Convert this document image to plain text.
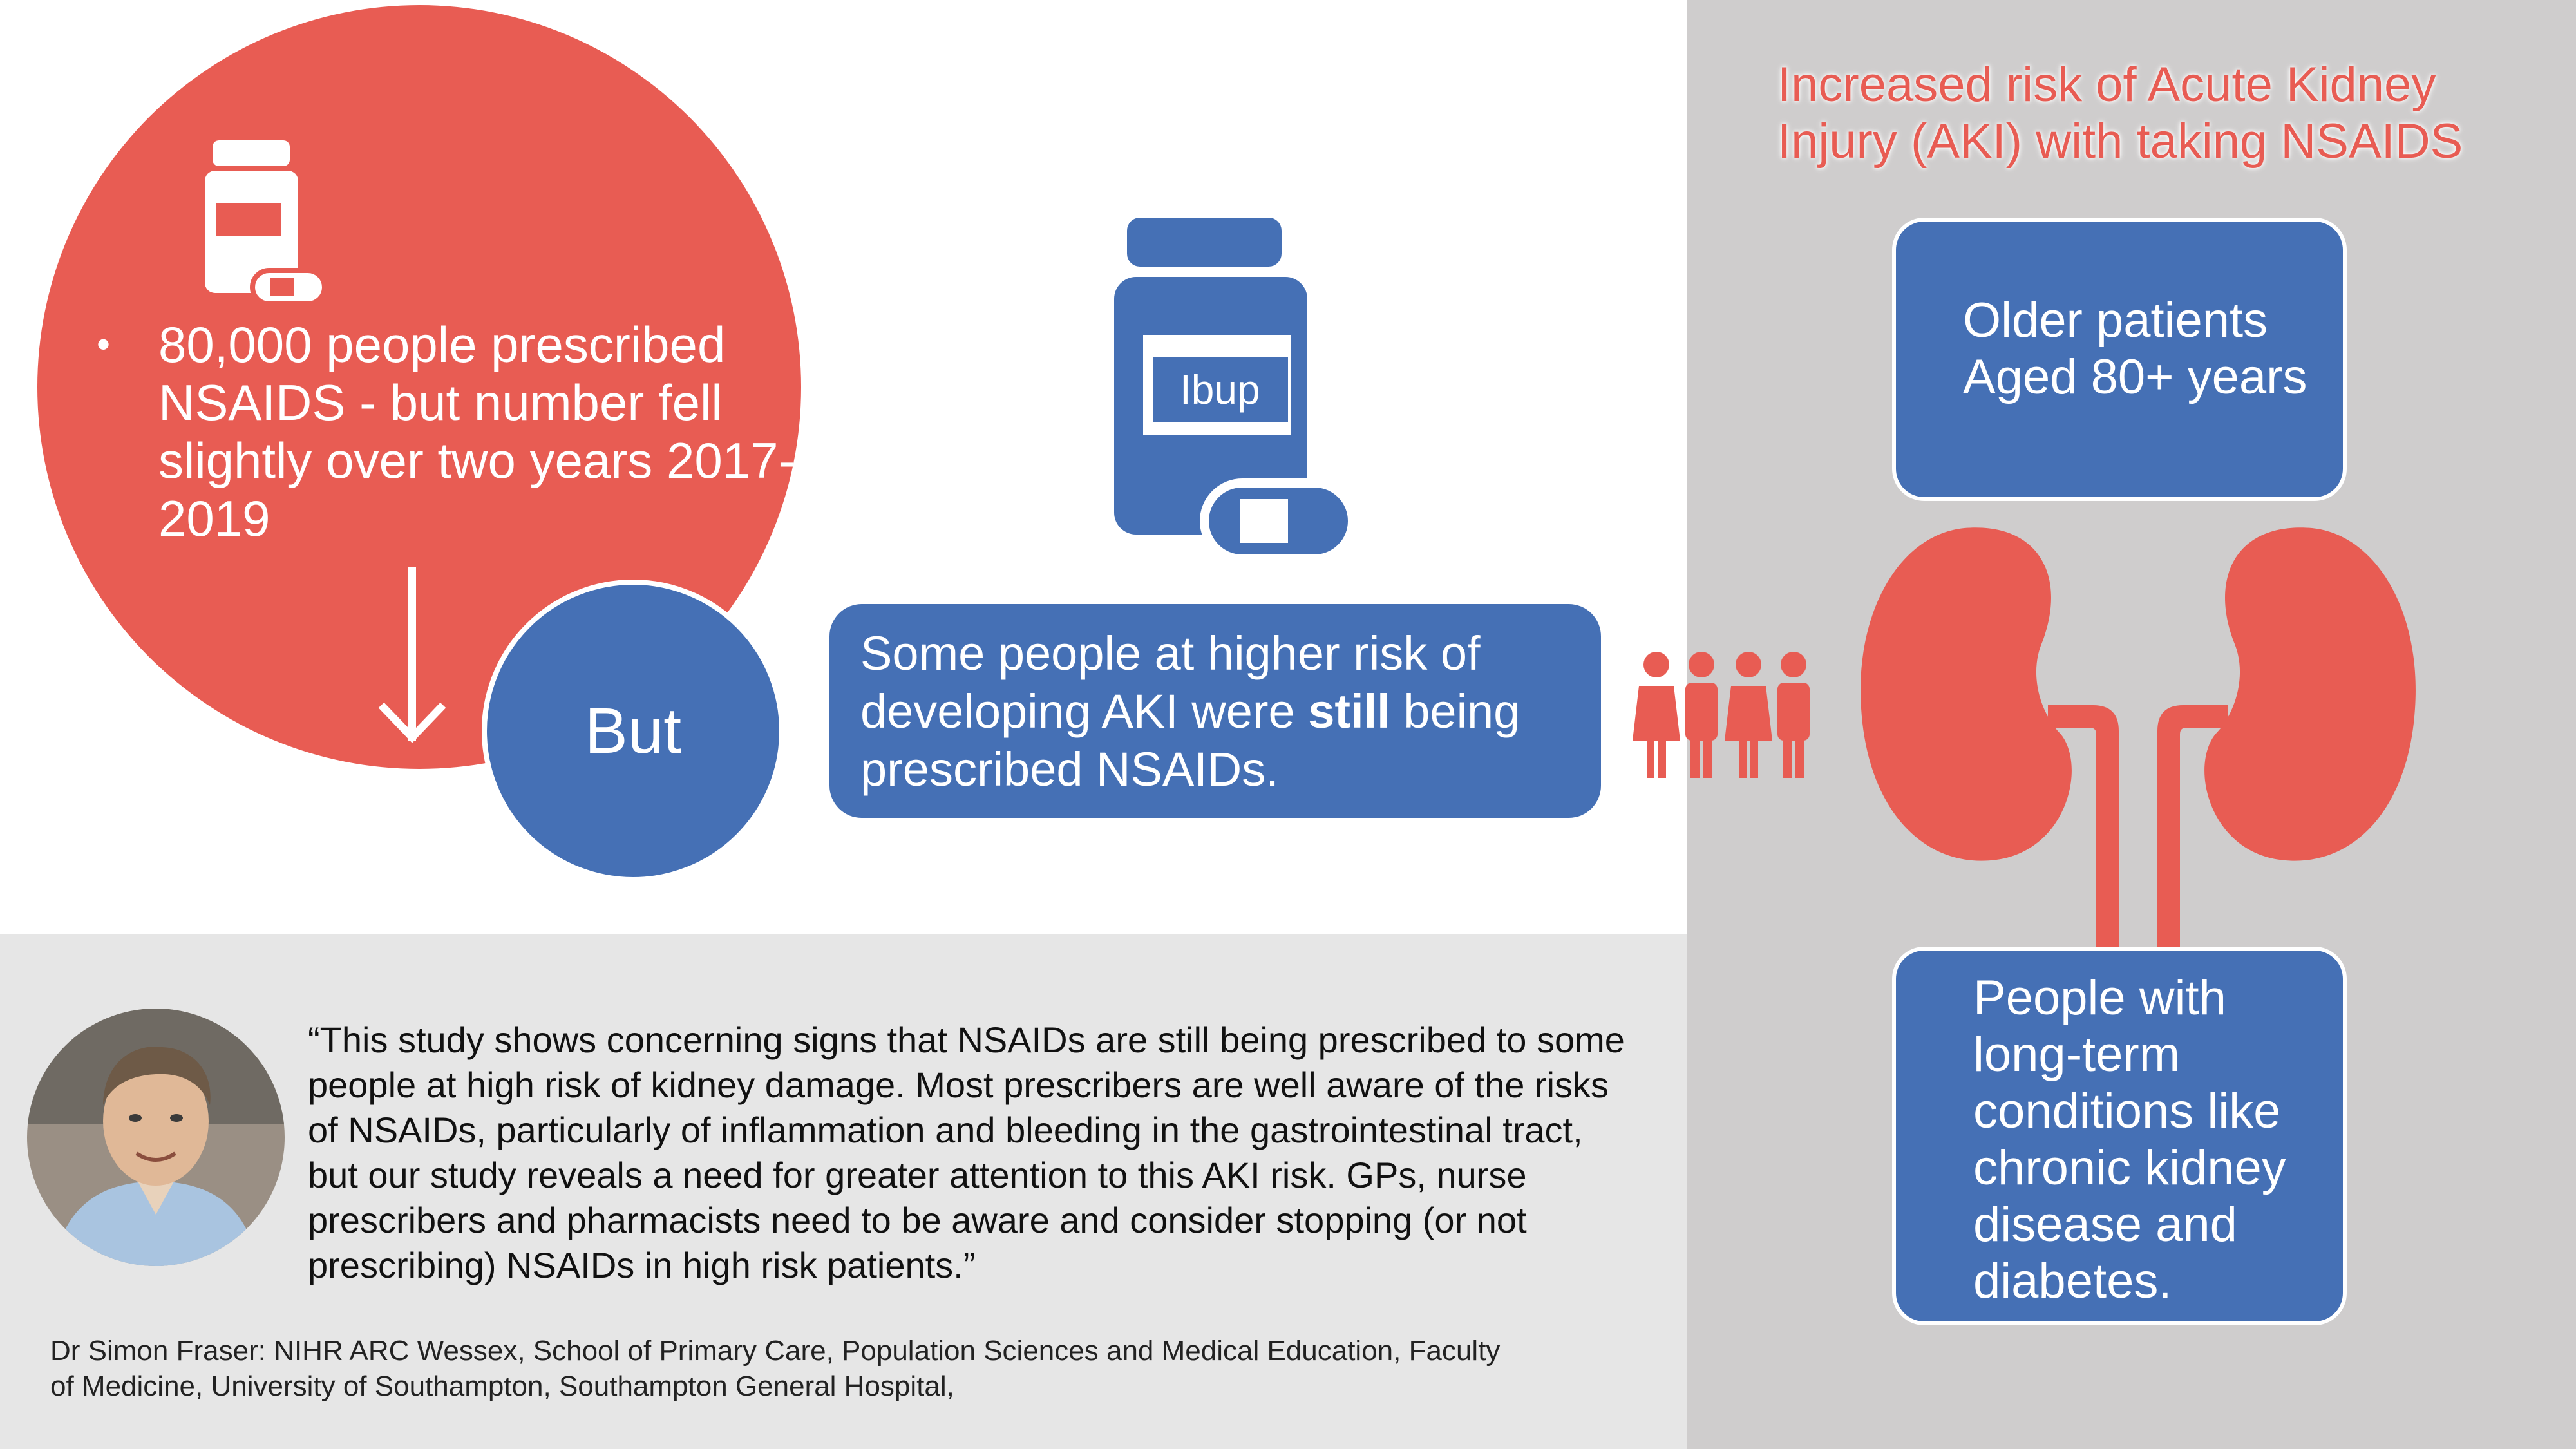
• 80,000 people prescribed NSAIDS - but number fell slightly over two years 2017-2019
But
Ibup
Some people at higher risk of developing AKI were still being prescribed NSAIDs.
Increased risk of Acute Kidney Injury (AKI) with taking NSAIDS
Older patients
Aged 80+ years
People with long-term conditions like chronic kidney disease and diabetes.
“This study shows concerning signs that NSAIDs are still being prescribed to some people at high risk of kidney damage. Most prescribers are well aware of the risks of NSAIDs, particularly of inflammation and bleeding in the gastrointestinal tract, but our study reveals a need for greater attention to this AKI risk. GPs, nurse prescribers and pharmacists need to be aware and consider stopping (or not prescribing) NSAIDs in high risk patients.”
Dr Simon Fraser: NIHR ARC Wessex, School of Primary Care, Population Sciences and Medical Education, Faculty of Medicine, University of Southampton, Southampton General Hospital,
